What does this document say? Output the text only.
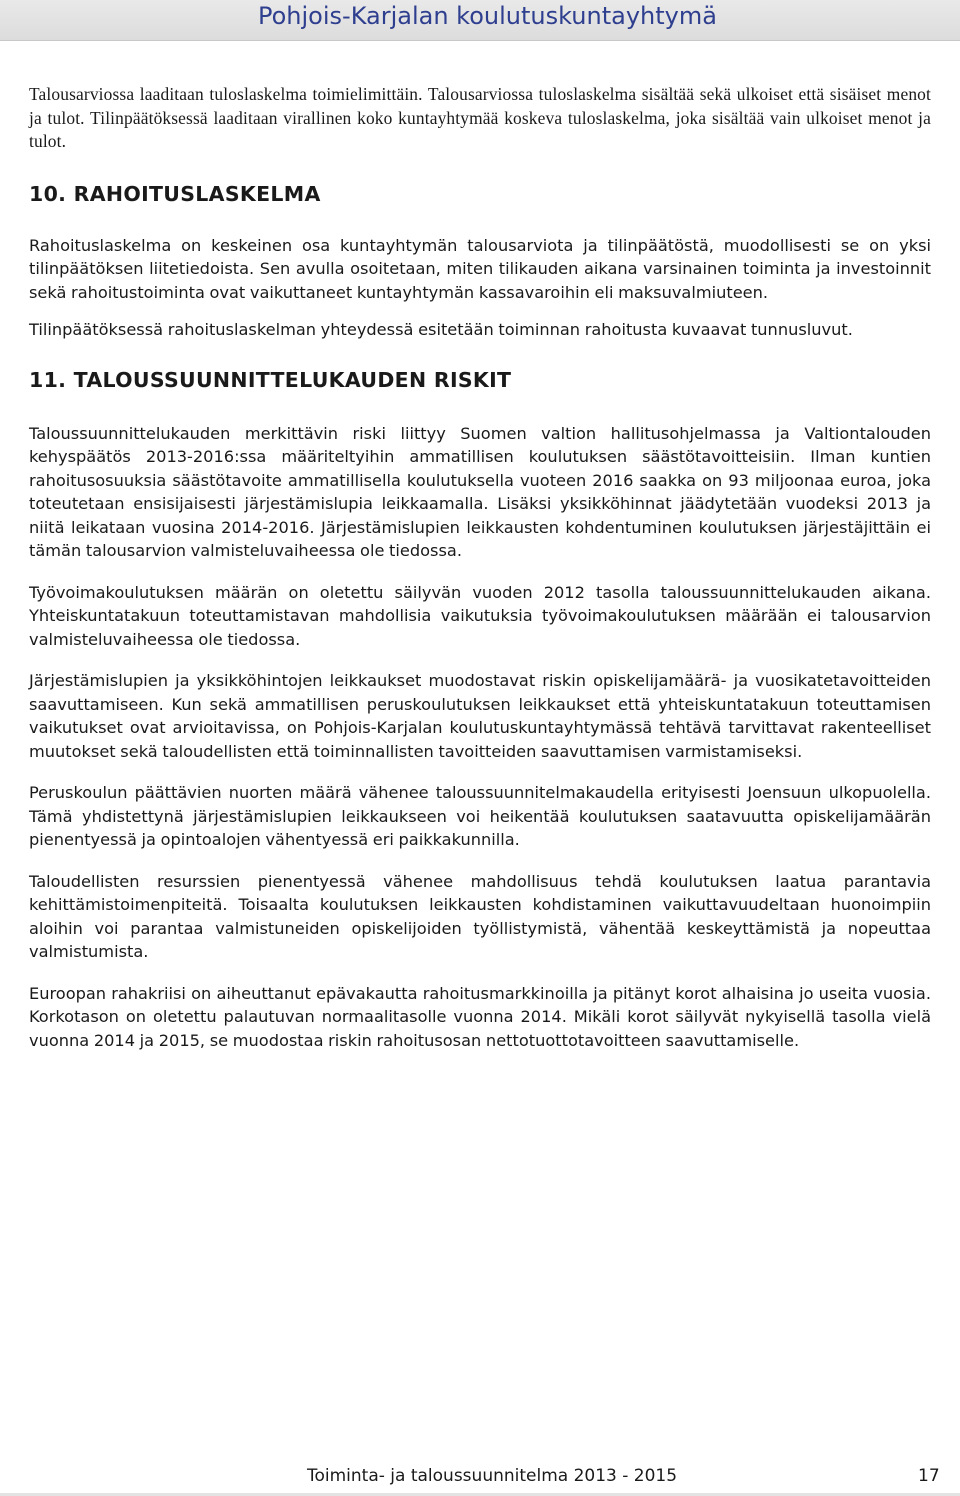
Pohjois-Karjalan koulutuskuntayhtymä

Talousarviossa laaditaan tuloslaskelma toimielimittäin. Talousarviossa tuloslaskelma sisältää sekä ulkoiset että sisäiset menot ja tulot. Tilinpäätöksessä laaditaan virallinen koko kuntayhtymää koskeva tuloslaskelma, joka sisältää vain ulkoiset menot ja tulot.

10. RAHOITUSLASKELMA

Rahoituslaskelma on keskeinen osa kuntayhtymän talousarviota ja tilinpäätöstä, muodollisesti se on yksi tilinpäätöksen liitetiedoista. Sen avulla osoitetaan, miten tilikauden aikana varsinainen toiminta ja investoinnit sekä rahoitustoiminta ovat vaikuttaneet kuntayhtymän kassavaroihin eli maksuvalmiuteen.

Tilinpäätöksessä rahoituslaskelman yhteydessä esitetään toiminnan rahoitusta kuvaavat tunnusluvut.

11. TALOUSSUUNNITTELUKAUDEN RISKIT

Taloussuunnittelukauden merkittävin riski liittyy Suomen valtion hallitusohjelmassa ja Valtiontalouden kehyspäätös 2013-2016:ssa määriteltyihin ammatillisen koulutuksen säästötavoitteisiin. Ilman kuntien rahoitusosuuksia säästötavoite ammatillisella koulutuksella vuoteen 2016 saakka on 93 miljoonaa euroa, joka toteutetaan ensisijaisesti järjestämislupia leikkaamalla. Lisäksi yksikköhinnat jäädytetään vuodeksi 2013 ja niitä leikataan vuosina 2014-2016. Järjestämislupien leikkausten kohdentuminen koulutuksen järjestäjittäin ei tämän talousarvion valmisteluvaiheessa ole tiedossa.

Työvoimakoulutuksen määrän on oletettu säilyvän vuoden 2012 tasolla taloussuunnittelukauden aikana. Yhteiskuntatakuun toteuttamistavan mahdollisia vaikutuksia työvoimakoulutuksen määrään ei talousarvion valmisteluvaiheessa ole tiedossa.

Järjestämislupien ja yksikköhintojen leikkaukset muodostavat riskin opiskelijamäärä- ja vuosikatetavoitteiden saavuttamiseen. Kun sekä ammatillisen peruskoulutuksen leikkaukset että yhteiskuntatakuun toteuttamisen vaikutukset ovat arvioitavissa, on Pohjois-Karjalan koulutuskuntayhtymässä tehtävä tarvittavat rakenteelliset muutokset sekä taloudellisten että toiminnallisten tavoitteiden saavuttamisen varmistamiseksi.

Peruskoulun päättävien nuorten määrä vähenee taloussuunnitelmakaudella erityisesti Joensuun ulkopuolella. Tämä yhdistettynä järjestämislupien leikkaukseen voi heikentää koulutuksen saatavuutta opiskelijamäärän pienentyessä ja opintoalojen vähentyessä eri paikkakunnilla.

Taloudellisten resurssien pienentyessä vähenee mahdollisuus tehdä koulutuksen laatua parantavia kehittämistoimenpiteitä. Toisaalta koulutuksen leikkausten kohdistaminen vaikuttavuudeltaan huonoimpiin aloihin voi parantaa valmistuneiden opiskelijoiden työllistymistä, vähentää keskeyttämistä ja nopeuttaa valmistumista.

Euroopan rahakriisi on aiheuttanut epävakautta rahoitusmarkkinoilla ja pitänyt korot alhaisina jo useita vuosia. Korkotason on oletettu palautuvan normaalitasolle vuonna 2014. Mikäli korot säilyvät nykyisellä tasolla vielä vuonna 2014 ja 2015, se muodostaa riskin rahoitusosan nettotuottotavoitteen saavuttamiselle.

Toiminta- ja taloussuunnitelma 2013 - 2015	17
